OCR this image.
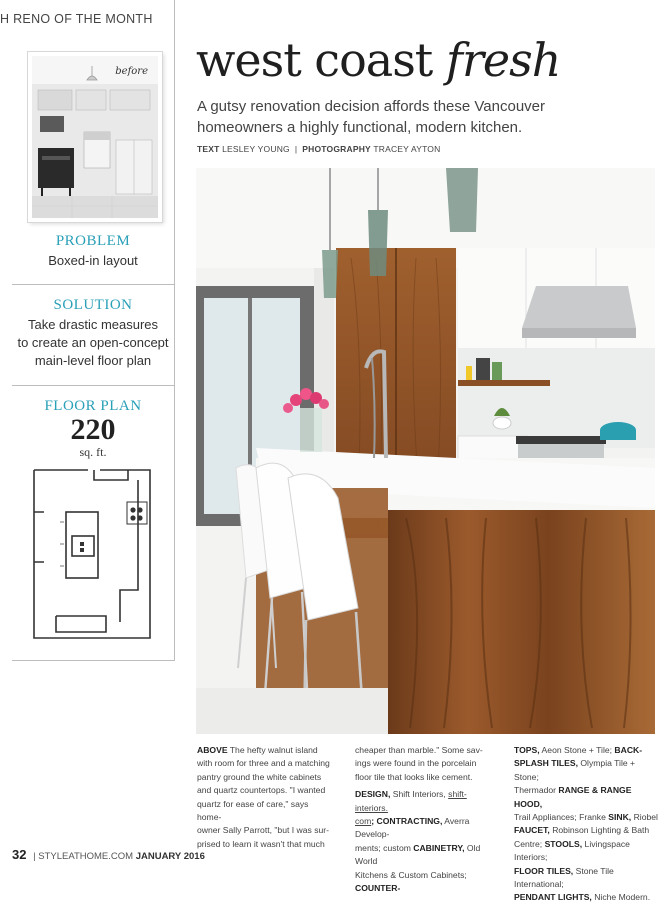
H RENO OF THE MONTH
before
PROBLEM
Boxed-in layout
SOLUTION
Take drastic measures
to create an open-concept
main-level floor plan
FLOOR PLAN
220
sq. ft.
west coast fresh
A gutsy renovation decision affords these Vancouver
homeowners a highly functional, modern kitchen.
TEXT LESLEY YOUNG | PHOTOGRAPHY TRACEY AYTON
ABOVE The hefty walnut island
with room for three and a matching
pantry ground the white cabinets
and quartz countertops. "I wanted
quartz for ease of care," says home-
owner Sally Parrott, "but I was sur-
prised to learn it wasn't that much
cheaper than marble." Some sav-
ings were found in the porcelain
floor tile that looks like cement.

DESIGN, Shift Interiors, shift-interiors.
com; CONTRACTING, Averra Develop-
ments; custom CABINETRY, Old World
Kitchens & Custom Cabinets; COUNTER-
TOPS, Aeon Stone + Tile; BACK-
SPLASH TILES, Olympia Tile + Stone;
Thermador RANGE & RANGE HOOD,
Trail Appliances; Franke SINK, Riobel
FAUCET, Robinson Lighting & Bath
Centre; STOOLS, Livingspace Interiors;
FLOOR TILES, Stone Tile International;
PENDANT LIGHTS, Niche Modern.
32 | STYLEATHOME.COM JANUARY 2016
